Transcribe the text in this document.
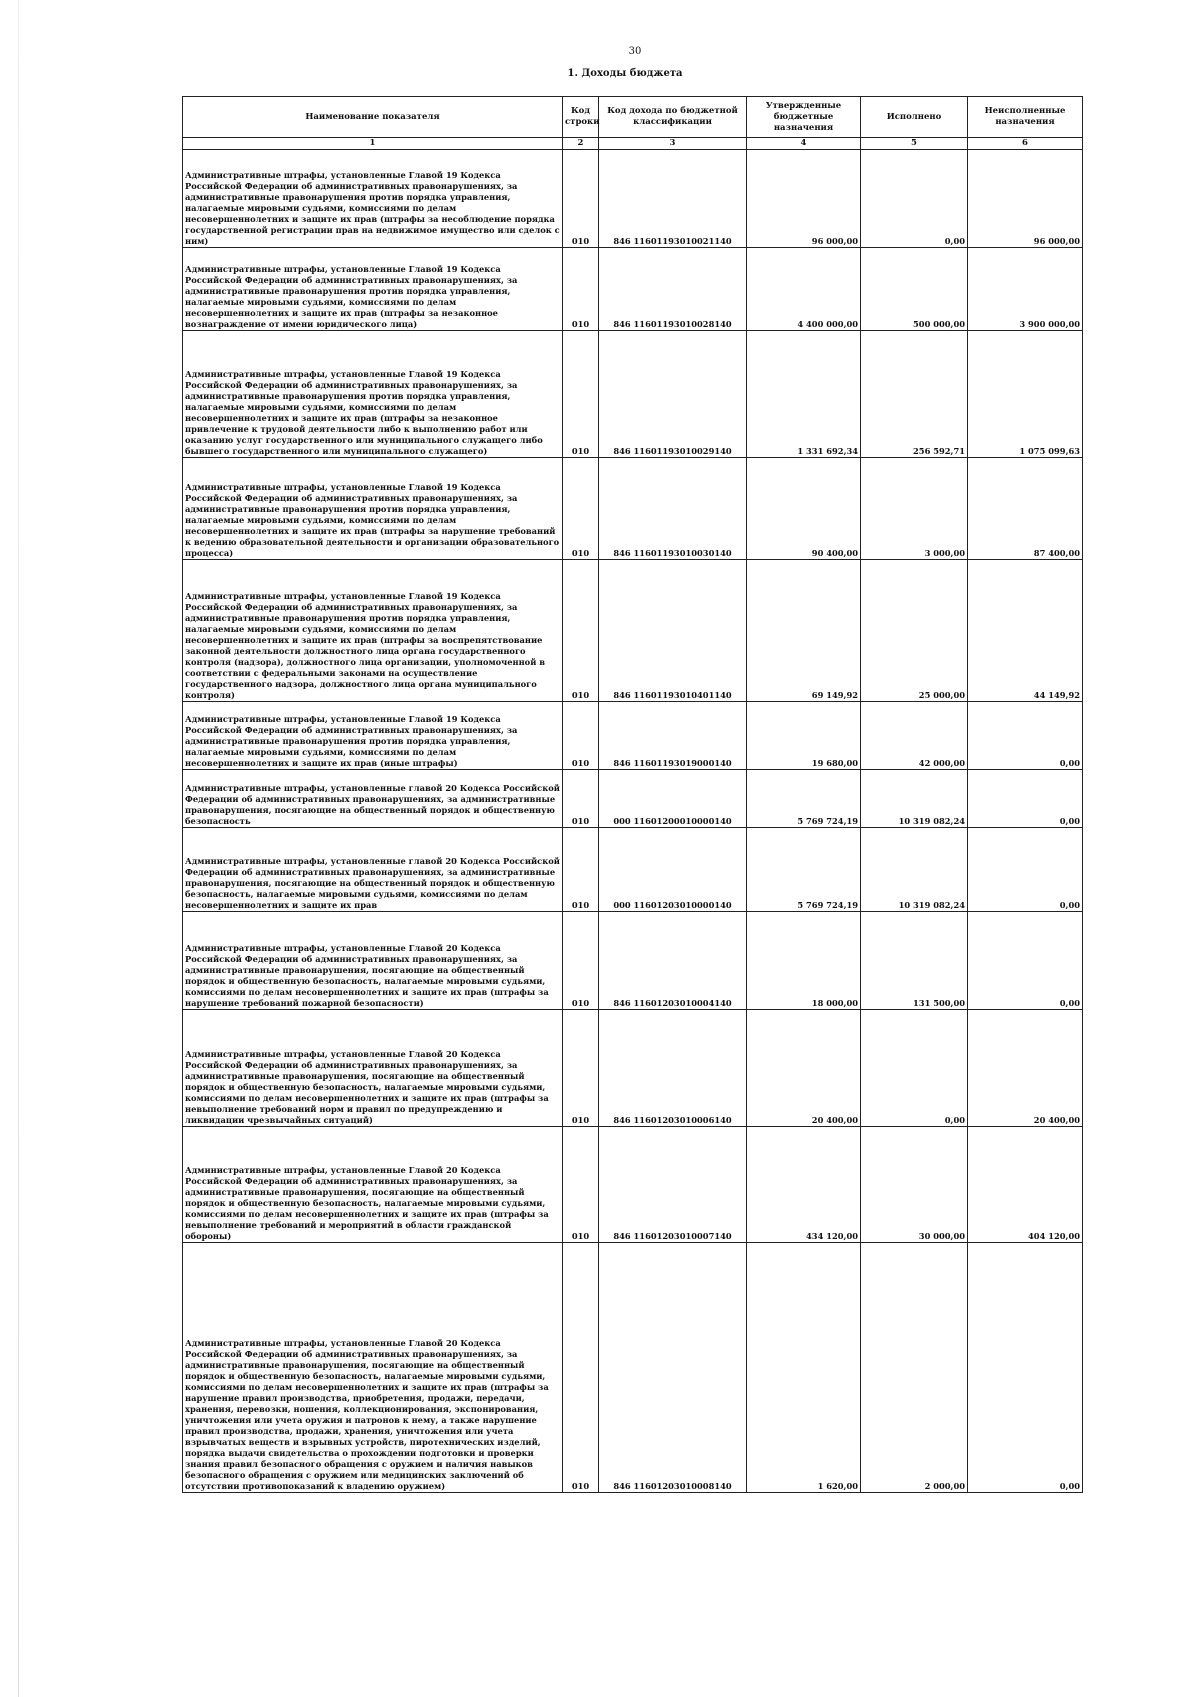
30
1. Доходы бюджета
Наименование показателя	Код строки	Код дохода по бюджетной классификации	Утвержденные бюджетные назначения	Исполнено	Неисполненные назначения
1	2	3	4	5	6
Административные штрафы, установленные Главой 19 Кодекса Российской Федерации об административных правонарушениях, за административные правонарушения против порядка управления, налагаемые мировыми судьями, комиссиями по делам несовершеннолетних и защите их прав (штрафы за несоблюдение порядка государственной регистрации прав на недвижимое имущество или сделок с ним)	010	846 11601193010021140	96 000,00	0,00	96 000,00
Административные штрафы, установленные Главой 19 Кодекса Российской Федерации об административных правонарушениях, за административные правонарушения против порядка управления, налагаемые мировыми судьями, комиссиями по делам несовершеннолетних и защите их прав (штрафы за незаконное вознаграждение от имени юридического лица)	010	846 11601193010028140	4 400 000,00	500 000,00	3 900 000,00
Административные штрафы, установленные Главой 19 Кодекса Российской Федерации об административных правонарушениях, за административные правонарушения против порядка управления, налагаемые мировыми судьями, комиссиями по делам несовершеннолетних и защите их прав (штрафы за незаконное привлечение к трудовой деятельности либо к выполнению работ или оказанию услуг государственного или муниципального служащего либо бывшего государственного или муниципального служащего)	010	846 11601193010029140	1 331 692,34	256 592,71	1 075 099,63
Административные штрафы, установленные Главой 19 Кодекса Российской Федерации об административных правонарушениях, за административные правонарушения против порядка управления, налагаемые мировыми судьями, комиссиями по делам несовершеннолетних и защите их прав (штрафы за нарушение требований к ведению образовательной деятельности и организации образовательного процесса)	010	846 11601193010030140	90 400,00	3 000,00	87 400,00
Административные штрафы, установленные Главой 19 Кодекса Российской Федерации об административных правонарушениях, за административные правонарушения против порядка управления, налагаемые мировыми судьями, комиссиями по делам несовершеннолетних и защите их прав (штрафы за воспрепятствование законной деятельности должностного лица органа государственного контроля (надзора), должностного лица организации, уполномоченной в соответствии с федеральными законами на осуществление государственного надзора, должностного лица органа муниципального контроля)	010	846 11601193010401140	69 149,92	25 000,00	44 149,92
Административные штрафы, установленные Главой 19 Кодекса Российской Федерации об административных правонарушениях, за административные правонарушения против порядка управления, налагаемые мировыми судьями, комиссиями по делам несовершеннолетних и защите их прав (иные штрафы)	010	846 11601193019000140	19 680,00	42 000,00	0,00
Административные штрафы, установленные главой 20 Кодекса Российской Федерации об административных правонарушениях, за административные правонарушения, посягающие на общественный порядок и общественную безопасность	010	000 11601200010000140	5 769 724,19	10 319 082,24	0,00
Административные штрафы, установленные главой 20 Кодекса Российской Федерации об административных правонарушениях, за административные правонарушения, посягающие на общественный порядок и общественную безопасность, налагаемые мировыми судьями, комиссиями по делам несовершеннолетних и защите их прав	010	000 11601203010000140	5 769 724,19	10 319 082,24	0,00
Административные штрафы, установленные Главой 20 Кодекса Российской Федерации об административных правонарушениях, за административные правонарушения, посягающие на общественный порядок и общественную безопасность, налагаемые мировыми судьями, комиссиями по делам несовершеннолетних и защите их прав (штрафы за нарушение требований пожарной безопасности)	010	846 11601203010004140	18 000,00	131 500,00	0,00
Административные штрафы, установленные Главой 20 Кодекса Российской Федерации об административных правонарушениях, за административные правонарушения, посягающие на общественный порядок и общественную безопасность, налагаемые мировыми судьями, комиссиями по делам несовершеннолетних и защите их прав (штрафы за невыполнение требований норм и правил по предупреждению и ликвидации чрезвычайных ситуаций)	010	846 11601203010006140	20 400,00	0,00	20 400,00
Административные штрафы, установленные Главой 20 Кодекса Российской Федерации об административных правонарушениях, за административные правонарушения, посягающие на общественный порядок и общественную безопасность, налагаемые мировыми судьями, комиссиями по делам несовершеннолетних и защите их прав (штрафы за невыполнение требований и мероприятий в области гражданской обороны)	010	846 11601203010007140	434 120,00	30 000,00	404 120,00
Административные штрафы, установленные Главой 20 Кодекса Российской Федерации об административных правонарушениях, за административные правонарушения, посягающие на общественный порядок и общественную безопасность, налагаемые мировыми судьями, комиссиями по делам несовершеннолетних и защите их прав (штрафы за нарушение правил производства, приобретения, продажи, передачи, хранения, перевозки, ношения, коллекционирования, экспонирования, уничтожения или учета оружия и патронов к нему, а также нарушение правил производства, продажи, хранения, уничтожения или учета взрывчатых веществ и взрывных устройств, пиротехнических изделий, порядка выдачи свидетельства о прохождении подготовки и проверки знания правил безопасного обращения с оружием и наличия навыков безопасного обращения с оружием или медицинских заключений об отсутствии противопоказаний к владению оружием)	010	846 11601203010008140	1 620,00	2 000,00	0,00
